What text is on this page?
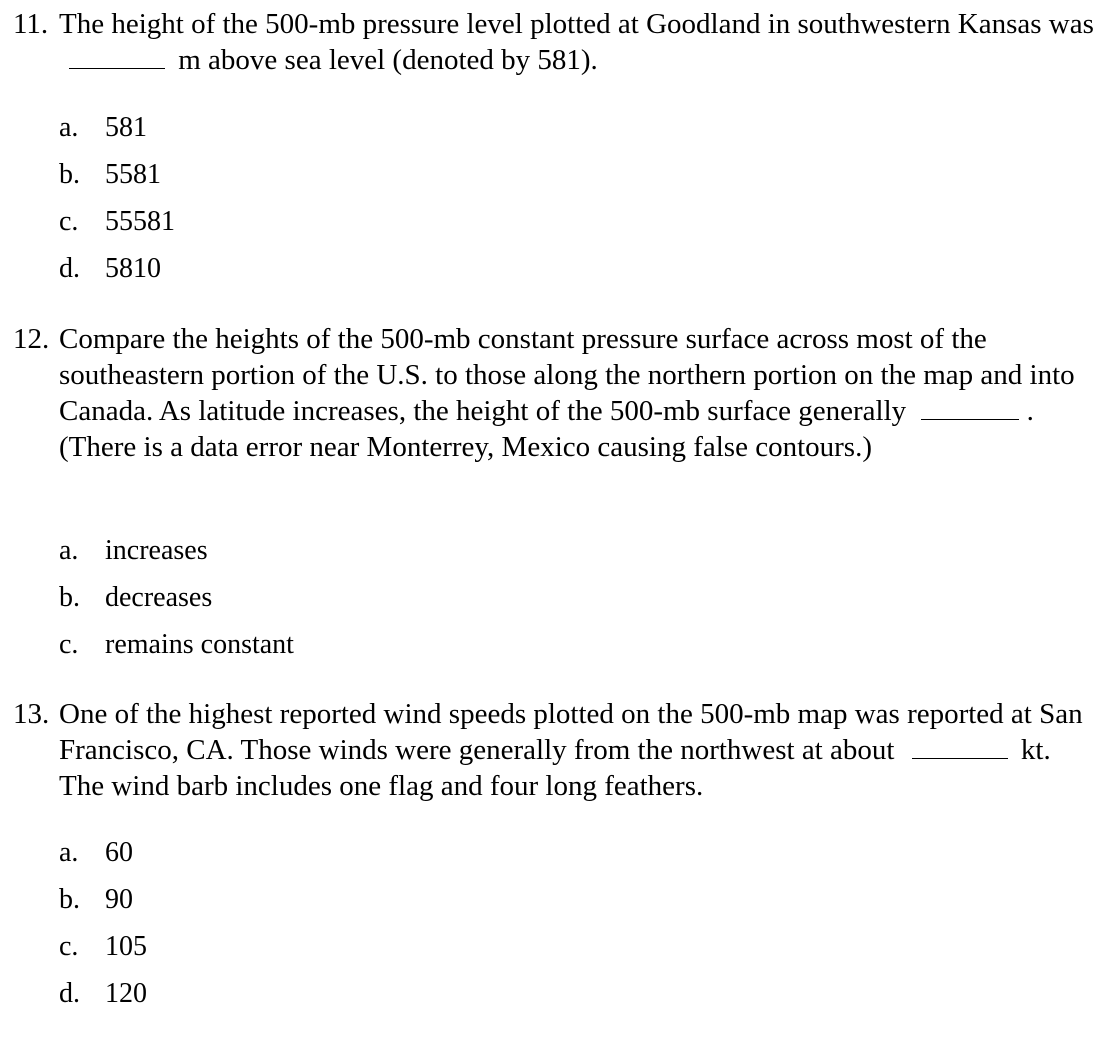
11. The height of the 500-mb pressure level plotted at Goodland in southwestern Kansas was  m above sea level (denoted by 581).
a. 581
b. 5581
c. 55581
d. 5810
12. Compare the heights of the 500-mb constant pressure surface across most of the southeastern portion of the U.S. to those along the northern portion on the map and into Canada. As latitude increases, the height of the 500-mb surface generally	. (There is a data error near Monterrey, Mexico causing false contours.)
a. increases
b. decreases
c. remains constant
13. One of the highest reported wind speeds plotted on the 500-mb map was reported at San Francisco, CA. Those winds were generally from the northwest at about	kt. The wind barb includes one flag and four long feathers.
a. 60
b. 90
c. 105
d. 120
